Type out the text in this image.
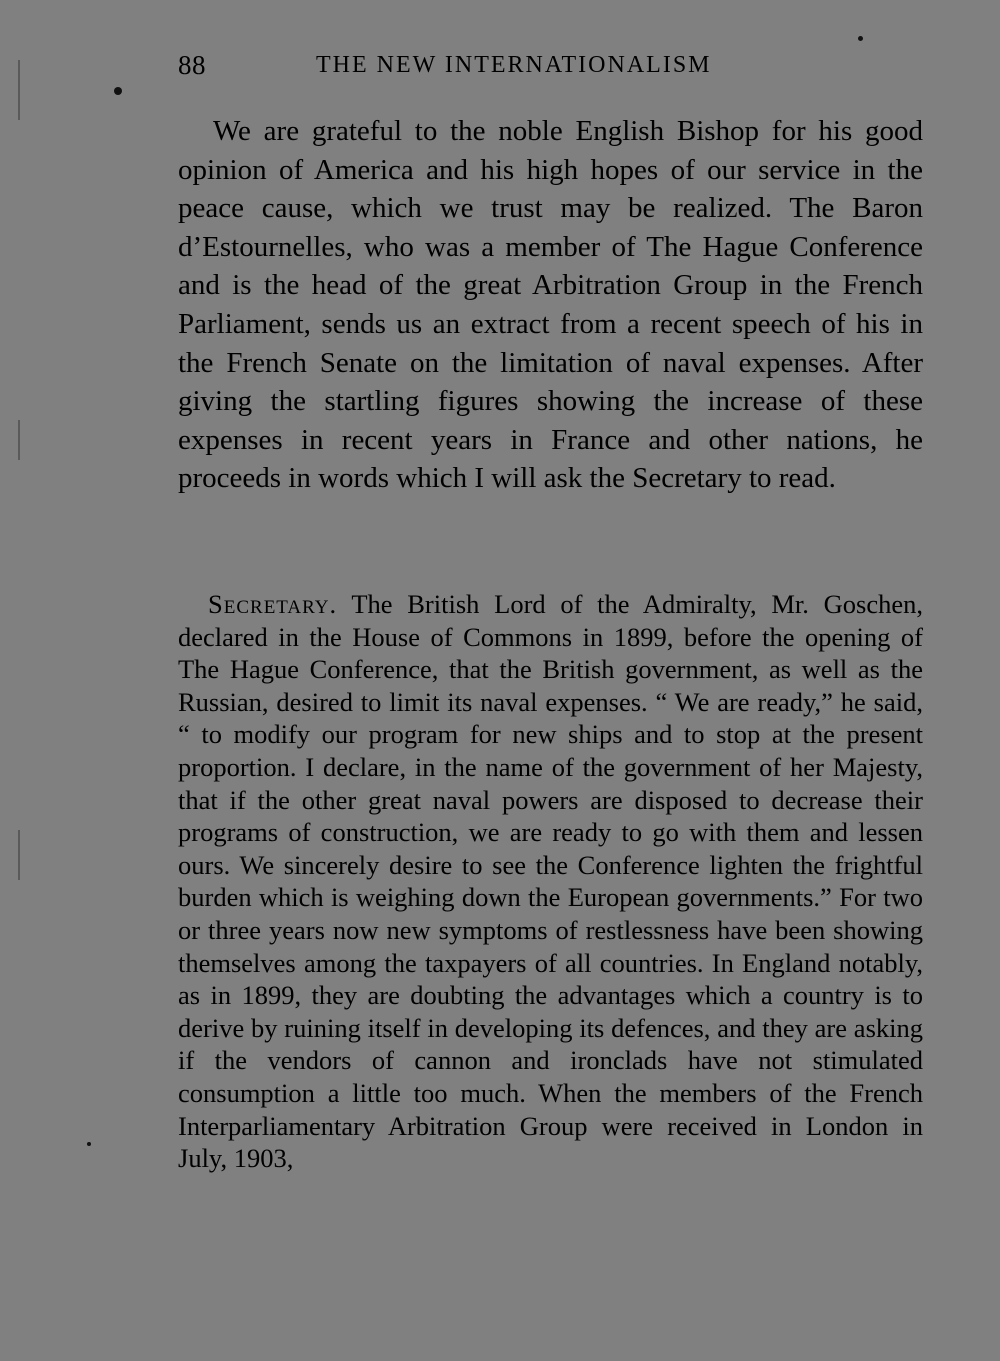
88	THE NEW INTERNATIONALISM

We are grateful to the noble English Bishop for his good opinion of America and his high hopes of our service in the peace cause, which we trust may be realized. The Baron d’Estournelles, who was a member of The Hague Conference and is the head of the great Arbitration Group in the French Parliament, sends us an extract from a recent speech of his in the French Senate on the limitation of naval expenses. After giving the startling figures showing the increase of these expenses in recent years in France and other nations, he proceeds in words which I will ask the Secretary to read.

Secretary. The British Lord of the Admiralty, Mr. Goschen, declared in the House of Commons in 1899, before the opening of The Hague Conference, that the British government, as well as the Russian, desired to limit its naval expenses. “ We are ready,” he said, “ to modify our program for new ships and to stop at the present proportion. I declare, in the name of the government of her Majesty, that if the other great naval powers are disposed to decrease their programs of construction, we are ready to go with them and lessen ours. We sincerely desire to see the Conference lighten the frightful burden which is weighing down the European governments.” For two or three years now new symptoms of restlessness have been showing themselves among the taxpayers of all countries. In England notably, as in 1899, they are doubting the advantages which a country is to derive by ruining itself in developing its defences, and they are asking if the vendors of cannon and ironclads have not stimulated consumption a little too much. When the members of the French Interparliamentary Arbitration Group were received in London in July, 1903,
